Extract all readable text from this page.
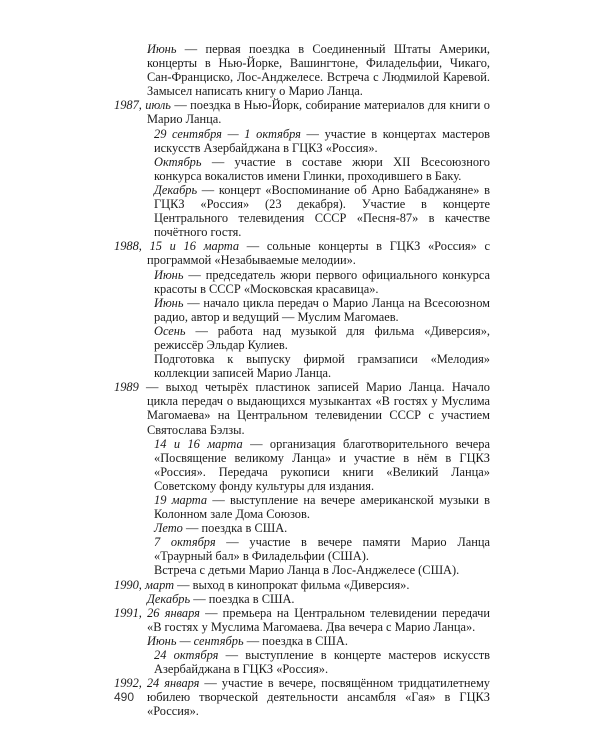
Июнь — первая поездка в Соединенный Штаты Америки, концерты в Нью-Йорке, Вашингтоне, Филадельфии, Чикаго, Сан-Франциско, Лос-Анджелесе. Встреча с Людмилой Каревой. Замысел написать книгу о Марио Ланца.

1987, июль — поездка в Нью-Йорк, собирание материалов для книги о Марио Ланца.

29 сентября — 1 октября — участие в концертах мастеров искусств Азербайджана в ГЦКЗ «Россия».

Октябрь — участие в составе жюри XII Всесоюзного конкурса вокалистов имени Глинки, проходившего в Баку.

Декабрь — концерт «Воспоминание об Арно Бабаджаняне» в ГЦКЗ «Россия» (23 декабря). Участие в концерте Центрального телевидения СССР «Песня-87» в качестве почётного гостя.

1988, 15 и 16 марта — сольные концерты в ГЦКЗ «Россия» с программой «Незабываемые мелодии».

Июнь — председатель жюри первого официального конкурса красоты в СССР «Московская красавица».

Июнь — начало цикла передач о Марио Ланца на Всесоюзном радио, автор и ведущий — Муслим Магомаев.

Осень — работа над музыкой для фильма «Диверсия», режиссёр Эльдар Кулиев.

Подготовка к выпуску фирмой грамзаписи «Мелодия» коллекции записей Марио Ланца.

1989 — выход четырёх пластинок записей Марио Ланца. Начало цикла передач о выдающихся музыкантах «В гостях у Муслима Магомаева» на Центральном телевидении СССР с участием Святослава Бэлзы.

14 и 16 марта — организация благотворительного вечера «Посвящение великому Ланца» и участие в нём в ГЦКЗ «Россия». Передача рукописи книги «Великий Ланца» Советскому фонду культуры для издания.

19 марта — выступление на вечере американской музыки в Колонном зале Дома Союзов.

Лето — поездка в США.

7 октября — участие в вечере памяти Марио Ланца «Траурный бал» в Филадельфии (США).

Встреча с детьми Марио Ланца в Лос-Анджелесе (США).

1990, март — выход в кинопрокат фильма «Диверсия».

Декабрь — поездка в США.

1991, 26 января — премьера на Центральном телевидении передачи «В гостях у Муслима Магомаева. Два вечера с Марио Ланца».

Июнь — сентябрь — поездка в США.

24 октября — выступление в концерте мастеров искусств Азербайджана в ГЦКЗ «Россия».

1992, 24 января — участие в вечере, посвящённом тридцатилетнему юбилею творческой деятельности ансамбля «Гая» в ГЦКЗ «Россия».

490
